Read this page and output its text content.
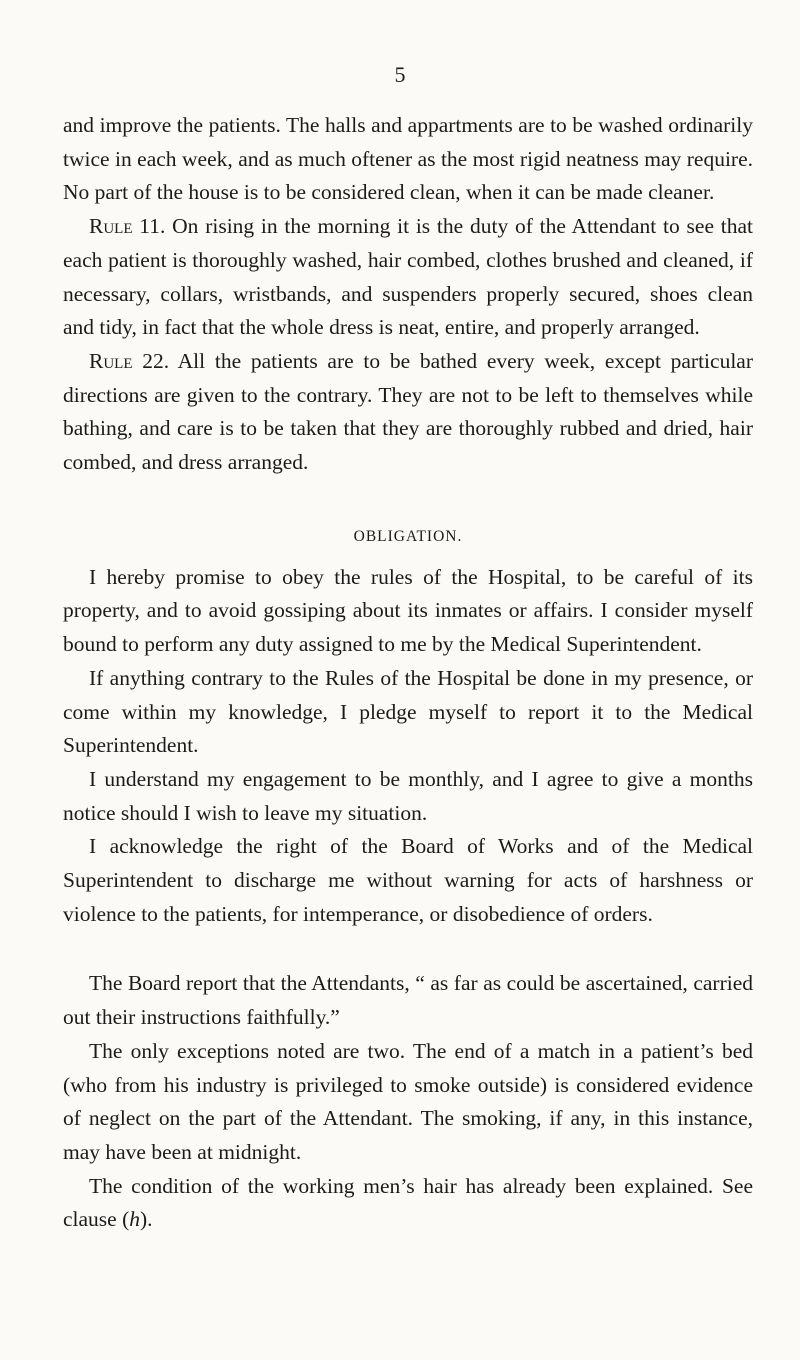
5

and improve the patients. The halls and appartments are to be washed ordinarily twice in each week, and as much oftener as the most rigid neatness may require. No part of the house is to be considered clean, when it can be made cleaner.

Rule 11. On rising in the morning it is the duty of the Attendant to see that each patient is thoroughly washed, hair combed, clothes brushed and cleaned, if necessary, collars, wristbands, and suspenders properly secured, shoes clean and tidy, in fact that the whole dress is neat, entire, and properly arranged.

Rule 22. All the patients are to be bathed every week, except particular directions are given to the contrary. They are not to be left to themselves while bathing, and care is to be taken that they are thoroughly rubbed and dried, hair combed, and dress arranged.

OBLIGATION.

I hereby promise to obey the rules of the Hospital, to be careful of its property, and to avoid gossiping about its inmates or affairs. I consider myself bound to perform any duty assigned to me by the Medical Superintendent.

If anything contrary to the Rules of the Hospital be done in my presence, or come within my knowledge, I pledge myself to report it to the Medical Superintendent.

I understand my engagement to be monthly, and I agree to give a months notice should I wish to leave my situation.

I acknowledge the right of the Board of Works and of the Medical Superintendent to discharge me without warning for acts of harshness or violence to the patients, for intemperance, or disobedience of orders.

The Board report that the Attendants, “ as far as could be ascertained, carried out their instructions faithfully.”

The only exceptions noted are two. The end of a match in a patient’s bed (who from his industry is privileged to smoke outside) is considered evidence of neglect on the part of the Attendant. The smoking, if any, in this instance, may have been at midnight.

The condition of the working men’s hair has already been explained. See clause (h).
